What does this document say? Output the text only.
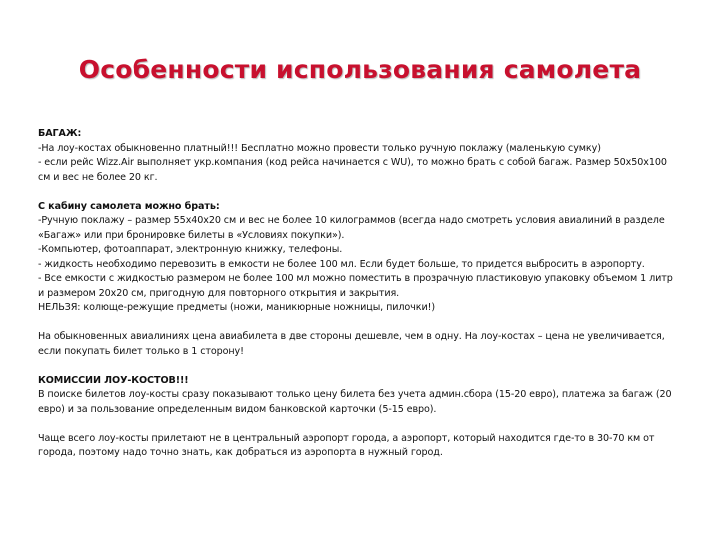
Особенности использования самолета
БАГАЖ:
-На лоу-костах обыкновенно платный!!! Бесплатно можно провести только ручную поклажу (маленькую сумку)
- если рейс Wizz.Air выполняет укр.компания (код рейса начинается с WU), то можно брать с собой багаж. Размер 50x50x100 см и вес не более 20 кг.
С кабину самолета можно брать:
-Ручную поклажу – размер 55x40x20 см и вес не более 10 килограммов (всегда надо смотреть условия авиалиний в разделе «Багаж» или при бронировке билеты в «Условиях покупки»).
-Компьютер, фотоаппарат, электронную книжку, телефоны.
- жидкость необходимо перевозить в емкости не более 100 мл. Если будет больше, то придется выбросить в аэропорту.
- Все емкости с жидкостью размером не более 100 мл можно поместить в прозрачную пластиковую упаковку объемом 1 литр и размером 20x20 см, пригодную для повторного открытия и закрытия.
НЕЛЬЗЯ: колюще-режущие предметы (ножи, маникюрные ножницы, пилочки!)
На обыкновенных авиалиниях цена авиабилета в две стороны дешевле, чем в одну. На лоу-костах – цена не увеличивается, если покупать билет только в 1 сторону!
КОМИССИИ ЛОУ-КОСТОВ!!!
В поиске билетов лоу-косты сразу показывают только цену билета без учета админ.сбора (15-20 евро), платежа за багаж (20 евро) и за пользование определенным видом банковской карточки (5-15 евро).
Чаще всего лоу-косты прилетают не в центральный аэропорт города, а аэропорт, который находится где-то в 30-70 км от города, поэтому надо точно знать, как добраться из аэропорта в нужный город.
